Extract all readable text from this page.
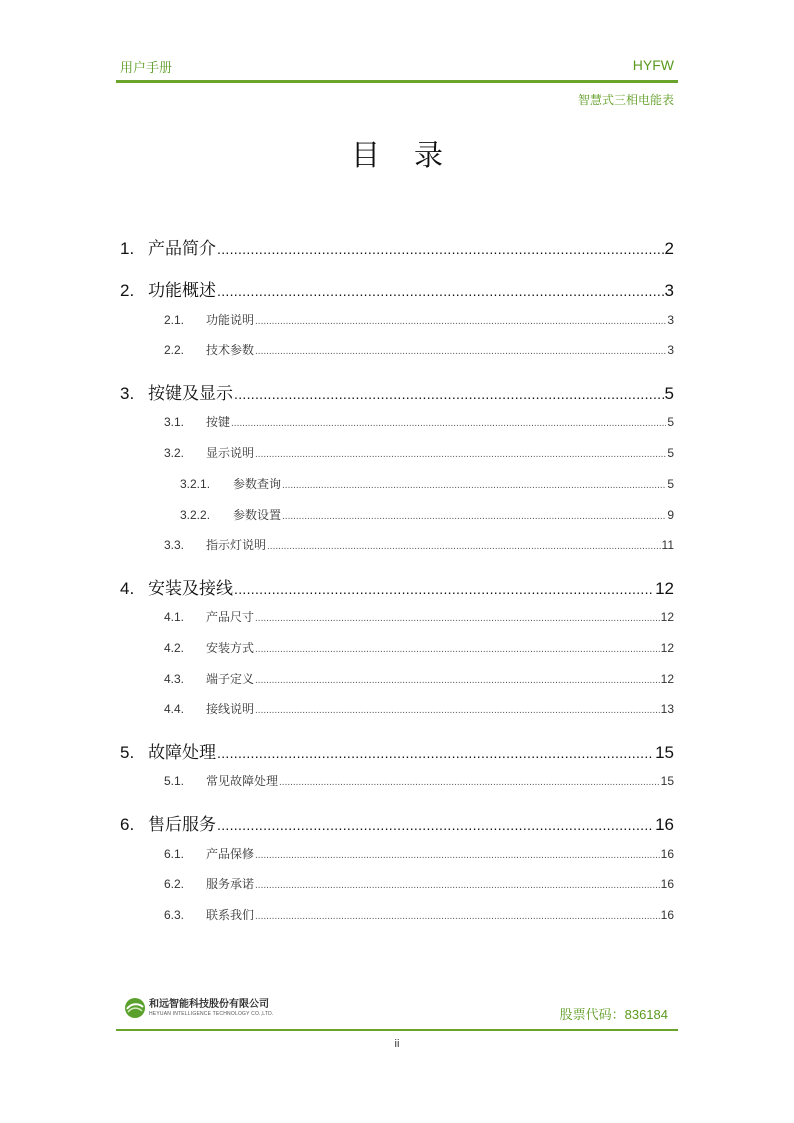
用户手册	HYFW
智慧式三相电能表
目录
1. 产品简介 .....	2
2. 功能概述 .....	3
2.1.	功能说明 .....	3
2.2.	技术参数 .....	3
3. 按键及显示 .....	5
3.1.	按键 .....	5
3.2.	显示说明 .....	5
3.2.1.	参数查询 .....	5
3.2.2.	参数设置 .....	9
3.3.	指示灯说明 .....	11
4. 安装及接线 .....	12
4.1.	产品尺寸 .....	12
4.2.	安装方式 .....	12
4.3.	端子定义 .....	12
4.4.	接线说明 .....	13
5. 故障处理 .....	15
5.1.	常见故障处理 .....	15
6. 售后服务 .....	16
6.1.	产品保修 .....	16
6.2.	服务承诺 .....	16
6.3.	联系我们 .....	16
和远智能科技股份有限公司
HEYUAN INTELLIGENCE TECHNOLOGY CO.,LTD.	股票代码：836184
ii
